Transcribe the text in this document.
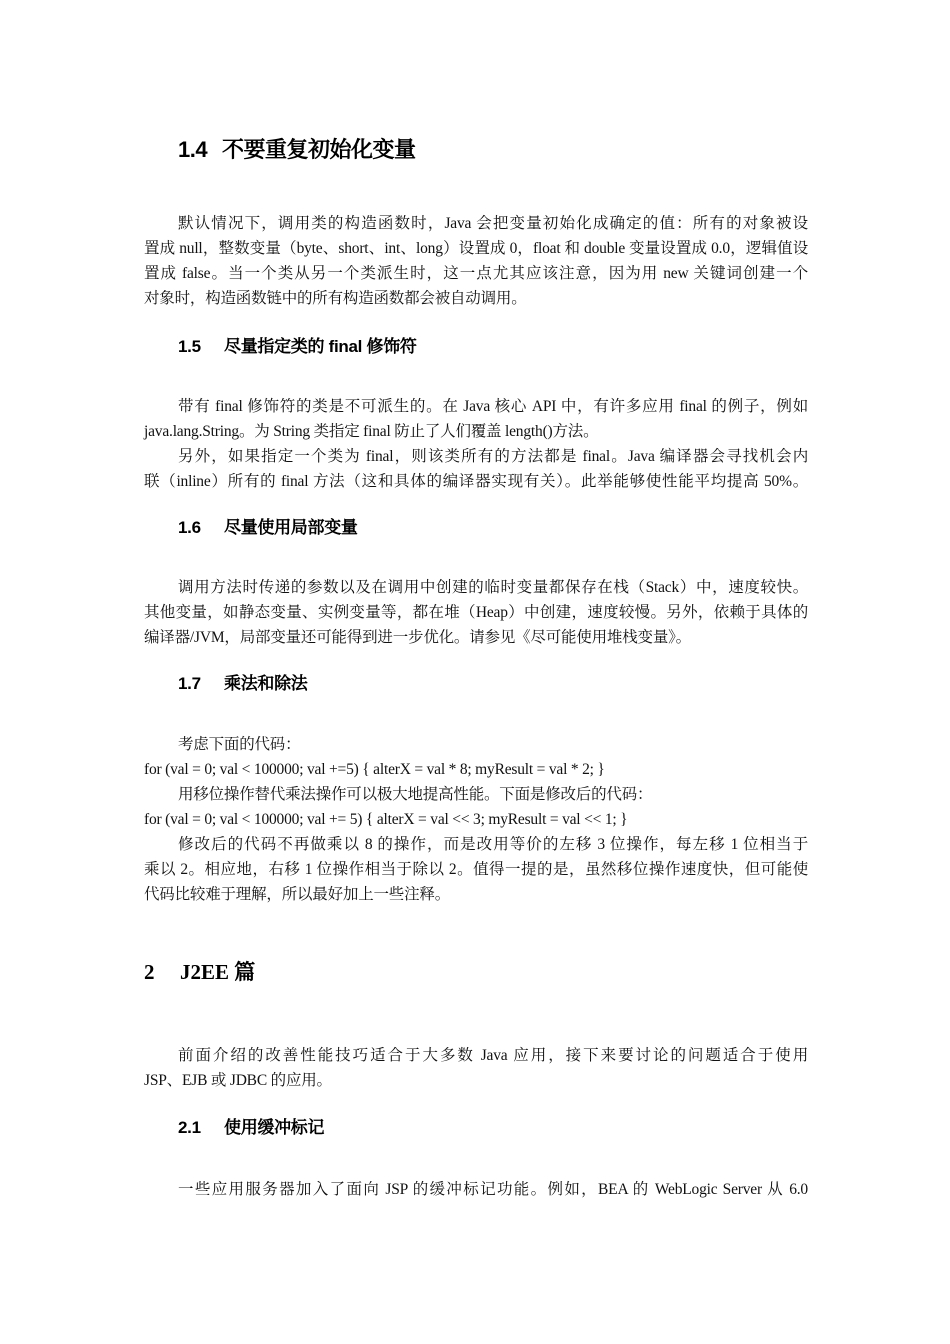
1.4 不要重复初始化变量
默认情况下，调用类的构造函数时，Java 会把变量初始化成确定的值：所有的对象被设
置成 null，整数变量（byte、short、int、long）设置成 0，float 和 double 变量设置成 0.0，逻辑值设
置成 false。当一个类从另一个类派生时，这一点尤其应该注意，因为用 new 关键词创建一个
对象时，构造函数链中的所有构造函数都会被自动调用。
1.5 尽量指定类的 final 修饰符
带有 final 修饰符的类是不可派生的。在 Java 核心 API 中，有许多应用 final 的例子，例如
java.lang.String。为 String 类指定 final 防止了人们覆盖 length()方法。
另外，如果指定一个类为 final，则该类所有的方法都是 final。Java 编译器会寻找机会内
联（inline）所有的 final 方法（这和具体的编译器实现有关）。此举能够使性能平均提高 50%。
1.6 尽量使用局部变量
调用方法时传递的参数以及在调用中创建的临时变量都保存在栈（Stack）中，速度较快。
其他变量，如静态变量、实例变量等，都在堆（Heap）中创建，速度较慢。另外，依赖于具体的
编译器/JVM，局部变量还可能得到进一步优化。请参见《尽可能使用堆栈变量》。
1.7 乘法和除法
考虑下面的代码：
for (val = 0; val < 100000; val +=5) { alterX = val * 8; myResult = val * 2; }
用移位操作替代乘法操作可以极大地提高性能。下面是修改后的代码：
for (val = 0; val < 100000; val += 5) { alterX = val << 3; myResult = val << 1; }
修改后的代码不再做乘以 8 的操作，而是改用等价的左移 3 位操作，每左移 1 位相当于
乘以 2。相应地，右移 1 位操作相当于除以 2。值得一提的是，虽然移位操作速度快，但可能使
代码比较难于理解，所以最好加上一些注释。
2 J2EE 篇
前面介绍的改善性能技巧适合于大多数 Java 应用，接下来要讨论的问题适合于使用
JSP、EJB 或 JDBC 的应用。
2.1 使用缓冲标记
一些应用服务器加入了面向 JSP 的缓冲标记功能。例如，BEA 的 WebLogic Server 从 6.0
